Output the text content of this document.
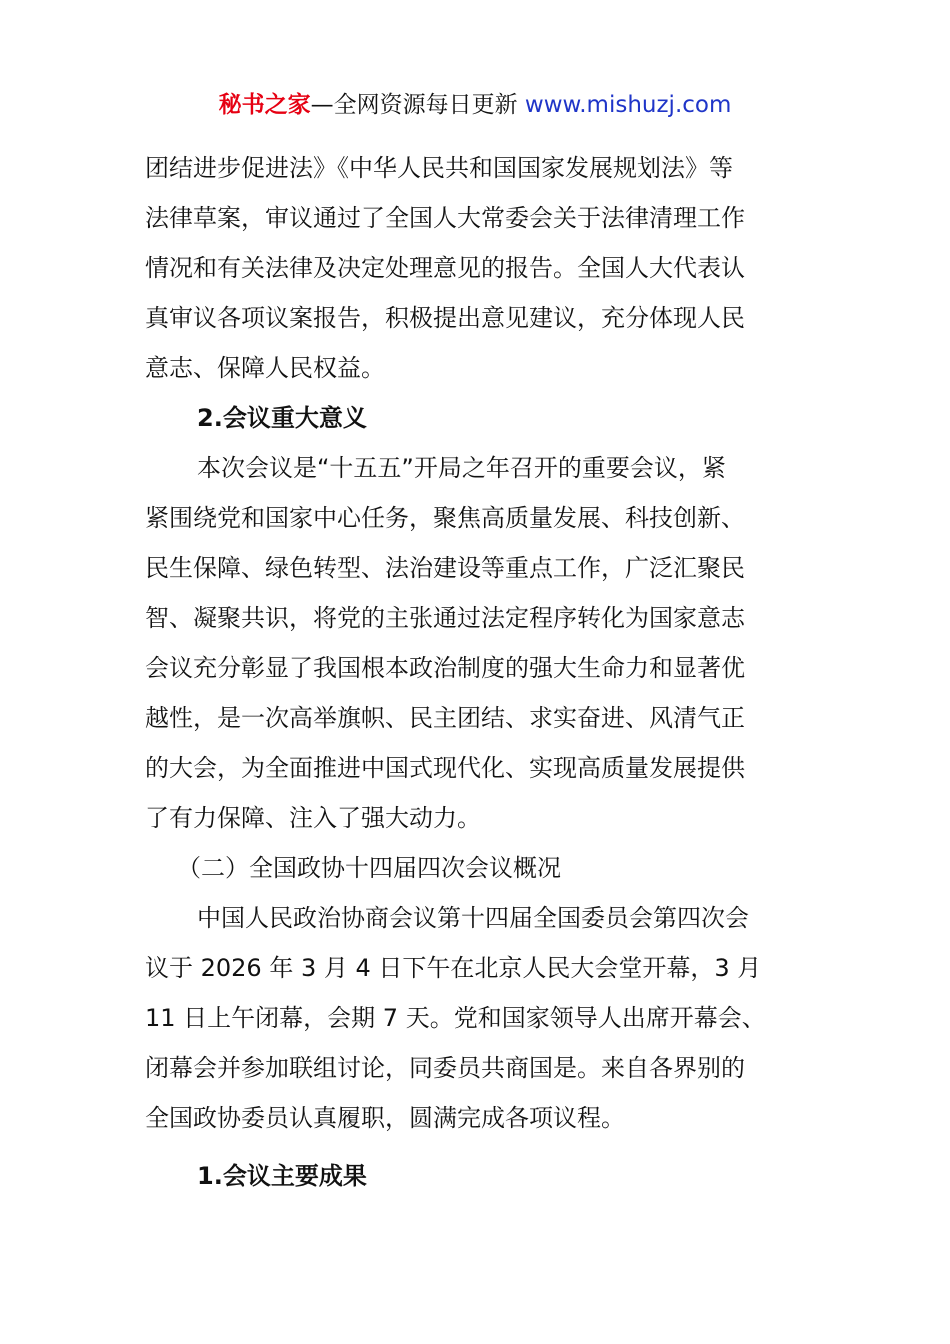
秘书之家—全网资源每日更新 www.mishuzj.com
团结进步促进法》《中华人民共和国国家发展规划法》等
法律草案，审议通过了全国人大常委会关于法律清理工作
情况和有关法律及决定处理意见的报告。全国人大代表认
真审议各项议案报告，积极提出意见建议，充分体现人民
意志、保障人民权益。
2.会议重大意义
本次会议是“十五五”开局之年召开的重要会议，紧
紧围绕党和国家中心任务，聚焦高质量发展、科技创新、
民生保障、绿色转型、法治建设等重点工作，广泛汇聚民
智、凝聚共识，将党的主张通过法定程序转化为国家意志
会议充分彰显了我国根本政治制度的强大生命力和显著优
越性，是一次高举旗帜、民主团结、求实奋进、风清气正
的大会，为全面推进中国式现代化、实现高质量发展提供
了有力保障、注入了强大动力。
（二）全国政协十四届四次会议概况
中国人民政治协商会议第十四届全国委员会第四次会
议于 2026 年 3 月 4 日下午在北京人民大会堂开幕，3 月
11 日上午闭幕，会期 7 天。党和国家领导人出席开幕会、
闭幕会并参加联组讨论，同委员共商国是。来自各界别的
全国政协委员认真履职，圆满完成各项议程。
1.会议主要成果
